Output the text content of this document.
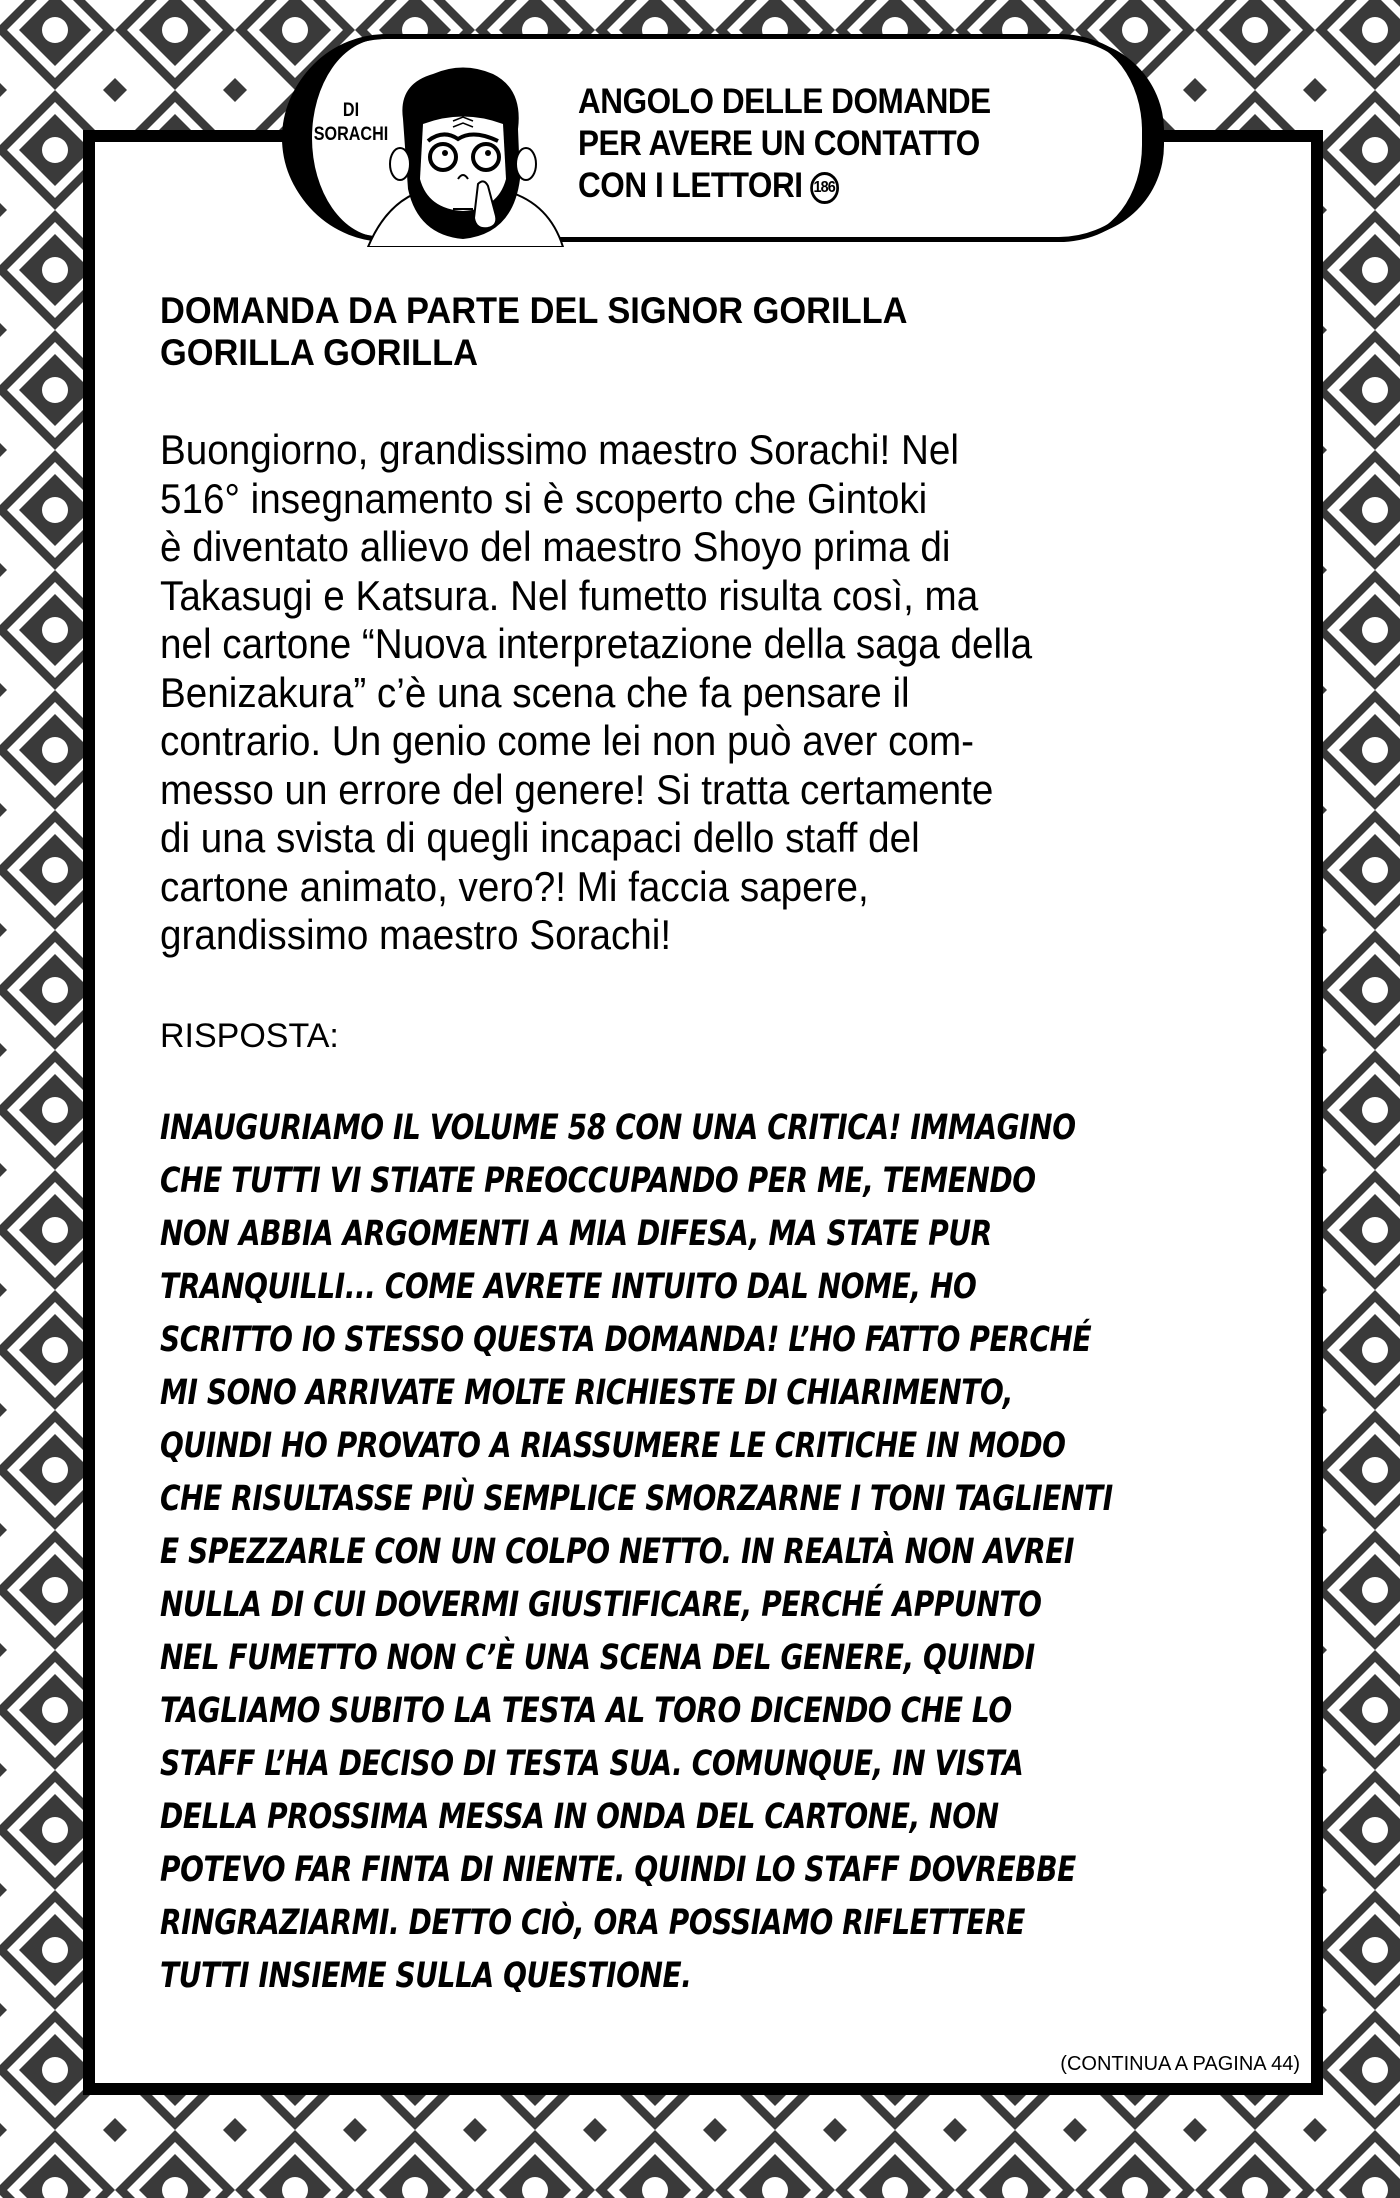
DI
SORACHI
ANGOLO DELLE DOMANDE
PER AVERE UN CONTATTO
CON I LETTORI 186
DOMANDA DA PARTE DEL SIGNOR GORILLA
GORILLA GORILLA
Buongiorno, grandissimo maestro Sorachi! Nel
516° insegnamento si è scoperto che Gintoki
è diventato allievo del maestro Shoyo prima di
Takasugi e Katsura. Nel fumetto risulta così, ma
nel cartone “Nuova interpretazione della saga della
Benizakura” c’è una scena che fa pensare il
contrario. Un genio come lei non può aver com-
messo un errore del genere! Si tratta certamente
di una svista di quegli incapaci dello staff del
cartone animato, vero?! Mi faccia sapere,
grandissimo maestro Sorachi!
RISPOSTA:
INAUGURIAMO IL VOLUME 58 CON UNA CRITICA! IMMAGINO
CHE TUTTI VI STIATE PREOCCUPANDO PER ME, TEMENDO
NON ABBIA ARGOMENTI A MIA DIFESA, MA STATE PUR
TRANQUILLI... COME AVRETE INTUITO DAL NOME, HO
SCRITTO IO STESSO QUESTA DOMANDA! L’HO FATTO PERCHÉ
MI SONO ARRIVATE MOLTE RICHIESTE DI CHIARIMENTO,
QUINDI HO PROVATO A RIASSUMERE LE CRITICHE IN MODO
CHE RISULTASSE PIÙ SEMPLICE SMORZARNE I TONI TAGLIENTI
E SPEZZARLE CON UN COLPO NETTO. IN REALTÀ NON AVREI
NULLA DI CUI DOVERMI GIUSTIFICARE, PERCHÉ APPUNTO
NEL FUMETTO NON C’È UNA SCENA DEL GENERE, QUINDI
TAGLIAMO SUBITO LA TESTA AL TORO DICENDO CHE LO
STAFF L’HA DECISO DI TESTA SUA. COMUNQUE, IN VISTA
DELLA PROSSIMA MESSA IN ONDA DEL CARTONE, NON
POTEVO FAR FINTA DI NIENTE. QUINDI LO STAFF DOVREBBE
RINGRAZIARMI. DETTO CIÒ, ORA POSSIAMO RIFLETTERE
TUTTI INSIEME SULLA QUESTIONE.
(CONTINUA A PAGINA 44)
